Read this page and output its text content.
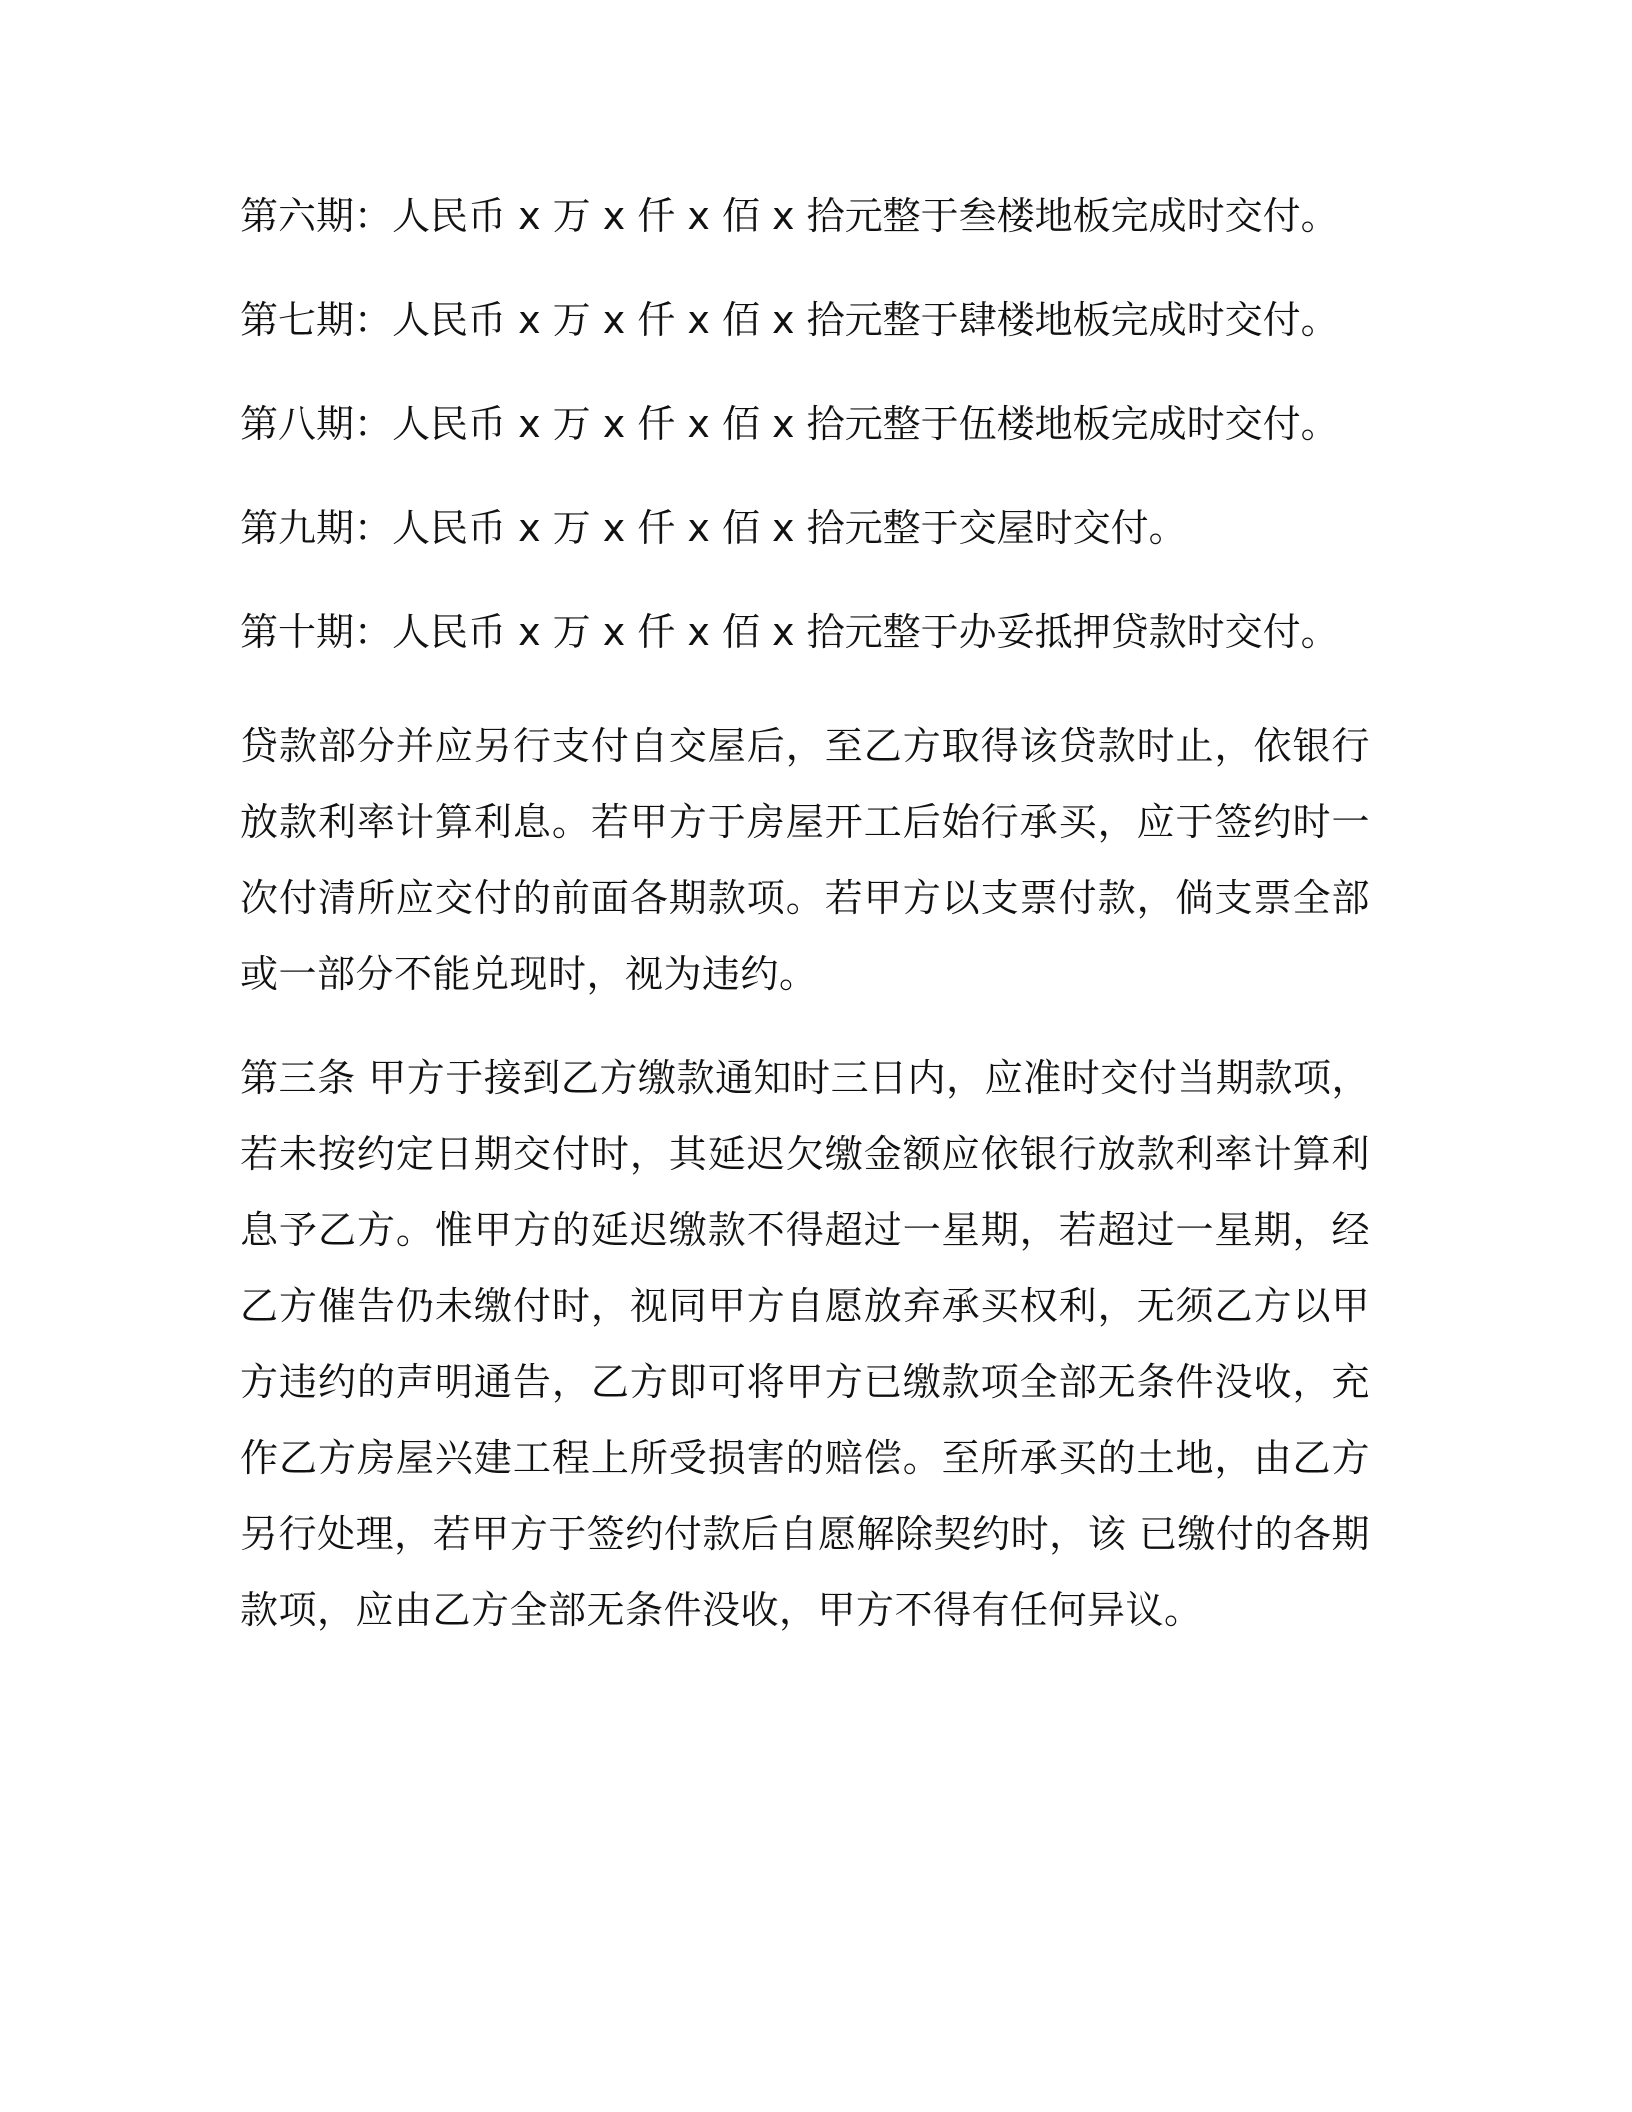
第六期：人民币 x 万 x 仟 x 佰 x 拾元整于叁楼地板完成时交付。
第七期：人民币 x 万 x 仟 x 佰 x 拾元整于肆楼地板完成时交付。
第八期：人民币 x 万 x 仟 x 佰 x 拾元整于伍楼地板完成时交付。
第九期：人民币 x 万 x 仟 x 佰 x 拾元整于交屋时交付。
第十期：人民币 x 万 x 仟 x 佰 x 拾元整于办妥抵押贷款时交付。

贷款部分并应另行支付自交屋后，至乙方取得该贷款时止，依银行放款利率计算利息。若甲方于房屋开工后始行承买，应于签约时一次付清所应交付的前面各期款项。若甲方以支票付款，倘支票全部或一部分不能兑现时，视为违约。

第三条 甲方于接到乙方缴款通知时三日内，应准时交付当期款项，若未按约定日期交付时，其延迟欠缴金额应依银行放款利率计算利息予乙方。惟甲方的延迟缴款不得超过一星期，若超过一星期，经乙方催告仍未缴付时，视同甲方自愿放弃承买权利，无须乙方以甲方违约的声明通告，乙方即可将甲方已缴款项全部无条件没收，充作乙方房屋兴建工程上所受损害的赔偿。至所承买的土地，由乙方另行处理，若甲方于签约付款后自愿解除契约时，该 已缴付的各期款项，应由乙方全部无条件没收，甲方不得有任何异议。
